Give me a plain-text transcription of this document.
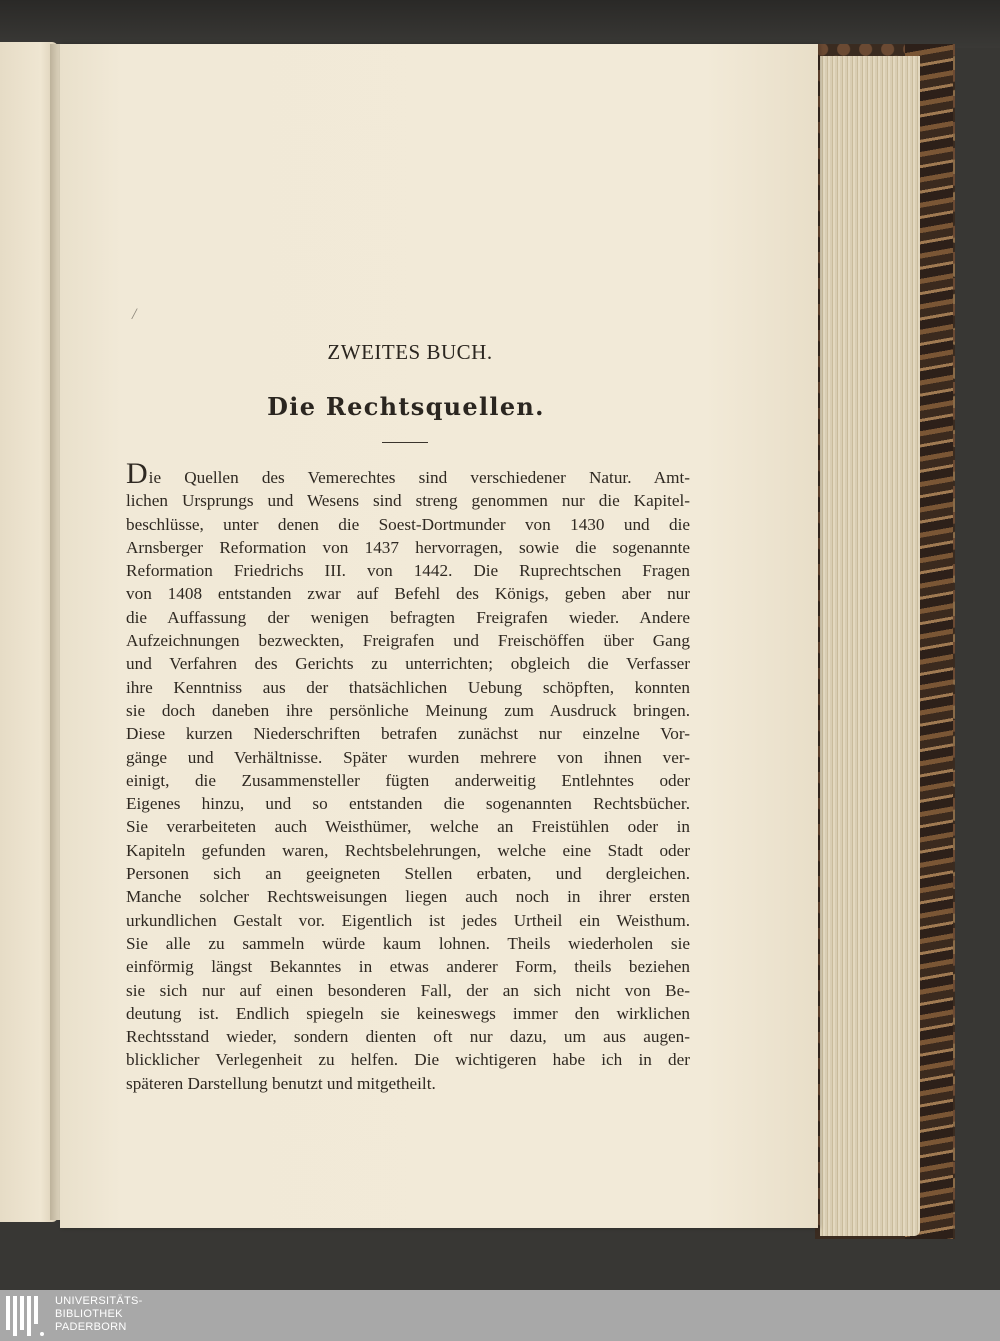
/
ZWEITES BUCH.
Die Rechtsquellen.
Die Quellen des Vemerechtes sind verschiedener Natur. Amt-
lichen Ursprungs und Wesens sind streng genommen nur die Kapitel-
beschlüsse, unter denen die Soest-Dortmunder von 1430 und die
Arnsberger Reformation von 1437 hervorragen, sowie die sogenannte
Reformation Friedrichs III. von 1442. Die Ruprechtschen Fragen
von 1408 entstanden zwar auf Befehl des Königs, geben aber nur
die Auffassung der wenigen befragten Freigrafen wieder. Andere
Aufzeichnungen bezweckten, Freigrafen und Freischöffen über Gang
und Verfahren des Gerichts zu unterrichten; obgleich die Verfasser
ihre Kenntniss aus der thatsächlichen Uebung schöpften, konnten
sie doch daneben ihre persönliche Meinung zum Ausdruck bringen.
Diese kurzen Niederschriften betrafen zunächst nur einzelne Vor-
gänge und Verhältnisse. Später wurden mehrere von ihnen ver-
einigt, die Zusammensteller fügten anderweitig Entlehntes oder
Eigenes hinzu, und so entstanden die sogenannten Rechtsbücher.
Sie verarbeiteten auch Weisthümer, welche an Freistühlen oder in
Kapiteln gefunden waren, Rechtsbelehrungen, welche eine Stadt oder
Personen sich an geeigneten Stellen erbaten, und dergleichen.
Manche solcher Rechtsweisungen liegen auch noch in ihrer ersten
urkundlichen Gestalt vor. Eigentlich ist jedes Urtheil ein Weisthum.
Sie alle zu sammeln würde kaum lohnen. Theils wiederholen sie
einförmig längst Bekanntes in etwas anderer Form, theils beziehen
sie sich nur auf einen besonderen Fall, der an sich nicht von Be-
deutung ist. Endlich spiegeln sie keineswegs immer den wirklichen
Rechtsstand wieder, sondern dienten oft nur dazu, um aus augen-
blicklicher Verlegenheit zu helfen. Die wichtigeren habe ich in der
späteren Darstellung benutzt und mitgetheilt.
UNIVERSITÄTS-
BIBLIOTHEK
PADERBORN
